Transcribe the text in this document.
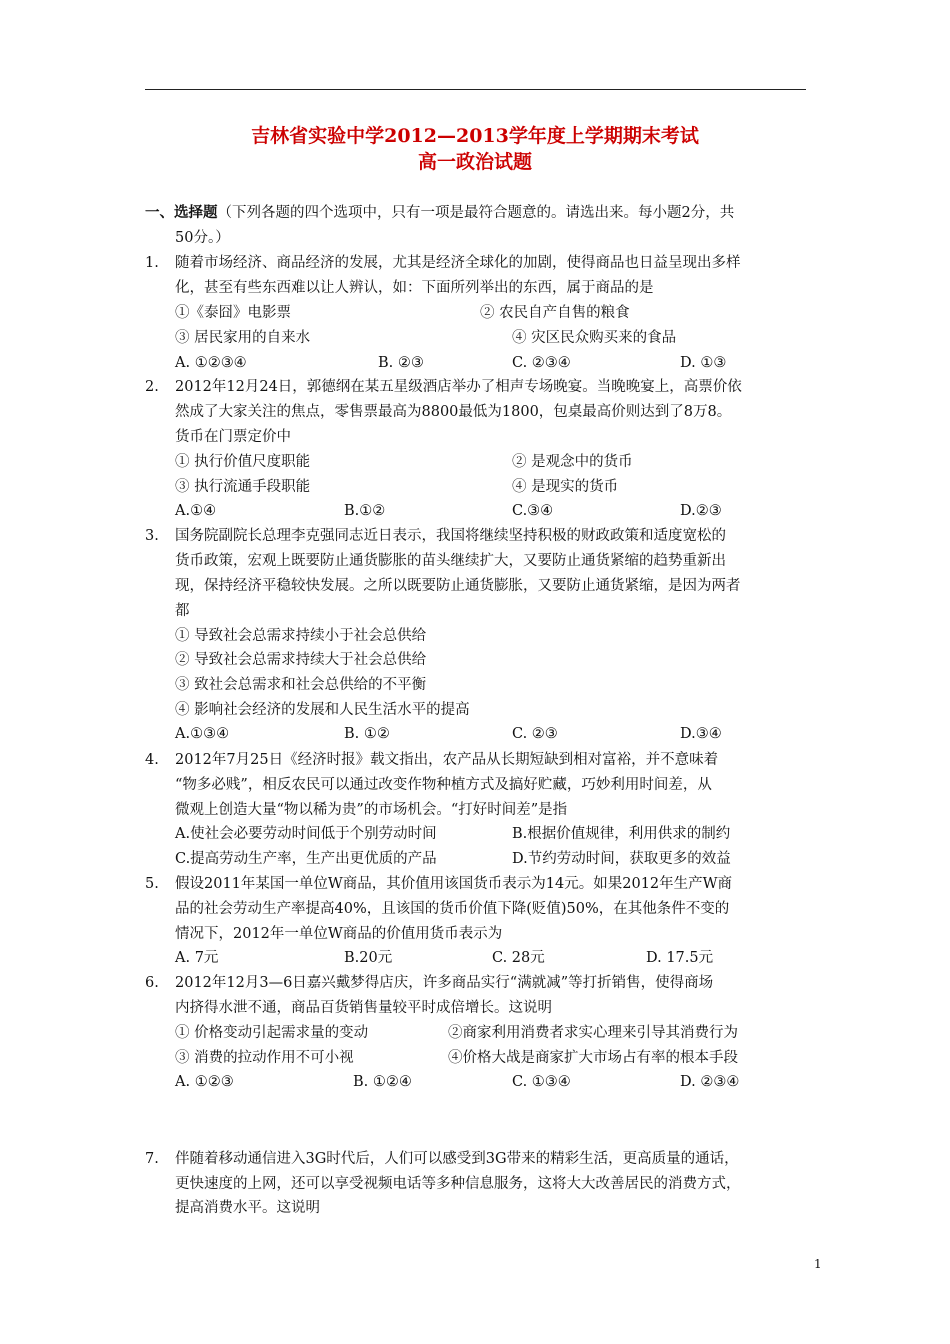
吉林省实验中学2012—2013学年度上学期期末考试
高一政治试题
一、选择题（下列各题的四个选项中，只有一项是最符合题意的。请选出来。每小题2分，共
50分。）
1. 随着市场经济、商品经济的发展，尤其是经济全球化的加剧，使得商品也日益呈现出多样
化，甚至有些东西难以让人辨认，如：下面所列举出的东西，属于商品的是
①《泰囧》电影票	② 农民自产自售的粮食
③ 居民家用的自来水	④ 灾区民众购买来的食品
A. ①②③④	B. ②③	C. ②③④	D. ①③
2. 2012年12月24日，郭德纲在某五星级酒店举办了相声专场晚宴。当晚晚宴上，高票价依
然成了大家关注的焦点，零售票最高为8800最低为1800，包桌最高价则达到了8万8。
货币在门票定价中
① 执行价值尺度职能	② 是观念中的货币
③ 执行流通手段职能	④ 是现实的货币
A.①④	B.①②	C.③④	D.②③
3. 国务院副院长总理李克强同志近日表示，我国将继续坚持积极的财政政策和适度宽松的
货币政策，宏观上既要防止通货膨胀的苗头继续扩大，又要防止通货紧缩的趋势重新出
现，保持经济平稳较快发展。之所以既要防止通货膨胀，又要防止通货紧缩，是因为两者
都
① 导致社会总需求持续小于社会总供给
② 导致社会总需求持续大于社会总供给
③ 致社会总需求和社会总供给的不平衡
④ 影响社会经济的发展和人民生活水平的提高
A.①③④	B. ①②	C. ②③	D.③④
4. 2012年7月25日《经济时报》载文指出，农产品从长期短缺到相对富裕，并不意味着
“物多必贱”，相反农民可以通过改变作物种植方式及搞好贮藏，巧妙利用时间差，从
微观上创造大量“物以稀为贵”的市场机会。“打好时间差”是指
A.使社会必要劳动时间低于个别劳动时间	B.根据价值规律，利用供求的制约
C.提高劳动生产率，生产出更优质的产品	D.节约劳动时间，获取更多的效益
5. 假设2011年某国一单位W商品，其价值用该国货币表示为14元。如果2012年生产W商
品的社会劳动生产率提高40%，且该国的货币价值下降(贬值)50%，在其他条件不变的
情况下，2012年一单位W商品的价值用货币表示为
A. 7元	B.20元	C. 28元	D. 17.5元
6. 2012年12月3—6日嘉兴戴梦得店庆，许多商品实行“满就减”等打折销售，使得商场
内挤得水泄不通，商品百货销售量较平时成倍增长。这说明
① 价格变动引起需求量的变动	②商家利用消费者求实心理来引导其消费行为
③ 消费的拉动作用不可小视	④价格大战是商家扩大市场占有率的根本手段
A. ①②③	B. ①②④	C. ①③④	D. ②③④
7. 伴随着移动通信进入3G时代后，人们可以感受到3G带来的精彩生活，更高质量的通话，
更快速度的上网，还可以享受视频电话等多种信息服务，这将大大改善居民的消费方式，
提高消费水平。这说明
1
